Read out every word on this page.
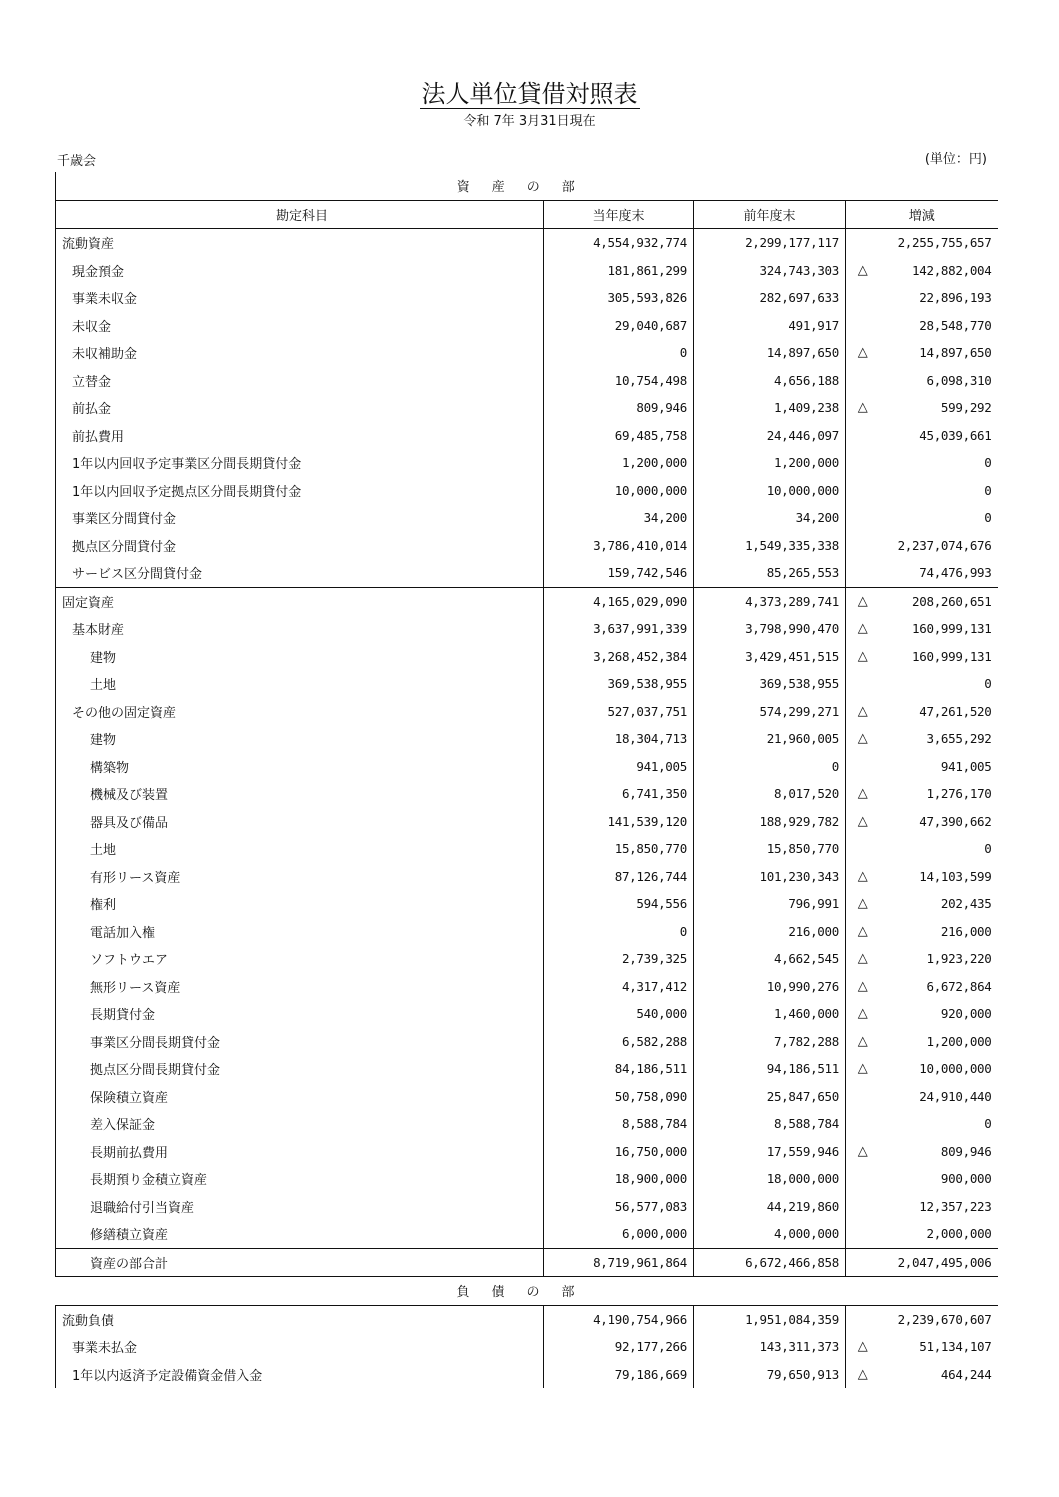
法人単位貸借対照表
令和 7年 3月31日現在
千歳会	(単位：円)
資産の部				
勘定科目	当年度末	前年度末	増減	
流動資産	4,554,932,774	2,299,177,117		2,255,755,657
現金預金	181,861,299	324,743,303	△	142,882,004
事業未収金	305,593,826	282,697,633		22,896,193
未収金	29,040,687	491,917		28,548,770
未収補助金	0	14,897,650	△	14,897,650
立替金	10,754,498	4,656,188		6,098,310
前払金	809,946	1,409,238	△	599,292
前払費用	69,485,758	24,446,097		45,039,661
1年以内回収予定事業区分間長期貸付金	1,200,000	1,200,000		0
1年以内回収予定拠点区分間長期貸付金	10,000,000	10,000,000		0
事業区分間貸付金	34,200	34,200		0
拠点区分間貸付金	3,786,410,014	1,549,335,338		2,237,074,676
サービス区分間貸付金	159,742,546	85,265,553		74,476,993
固定資産	4,165,029,090	4,373,289,741	△	208,260,651
基本財産	3,637,991,339	3,798,990,470	△	160,999,131
建物	3,268,452,384	3,429,451,515	△	160,999,131
土地	369,538,955	369,538,955		0
その他の固定資産	527,037,751	574,299,271	△	47,261,520
建物	18,304,713	21,960,005	△	3,655,292
構築物	941,005	0		941,005
機械及び装置	6,741,350	8,017,520	△	1,276,170
器具及び備品	141,539,120	188,929,782	△	47,390,662
土地	15,850,770	15,850,770		0
有形リース資産	87,126,744	101,230,343	△	14,103,599
権利	594,556	796,991	△	202,435
電話加入権	0	216,000	△	216,000
ソフトウエア	2,739,325	4,662,545	△	1,923,220
無形リース資産	4,317,412	10,990,276	△	6,672,864
長期貸付金	540,000	1,460,000	△	920,000
事業区分間長期貸付金	6,582,288	7,782,288	△	1,200,000
拠点区分間長期貸付金	84,186,511	94,186,511	△	10,000,000
保険積立資産	50,758,090	25,847,650		24,910,440
差入保証金	8,588,784	8,588,784		0
長期前払費用	16,750,000	17,559,946	△	809,946
長期預り金積立資産	18,900,000	18,000,000		900,000
退職給付引当資産	56,577,083	44,219,860		12,357,223
修繕積立資産	6,000,000	4,000,000		2,000,000
資産の部合計	8,719,961,864	6,672,466,858		2,047,495,006
負債の部				
流動負債	4,190,754,966	1,951,084,359		2,239,670,607
事業未払金	92,177,266	143,311,373	△	51,134,107
1年以内返済予定設備資金借入金	79,186,669	79,650,913	△	464,244
